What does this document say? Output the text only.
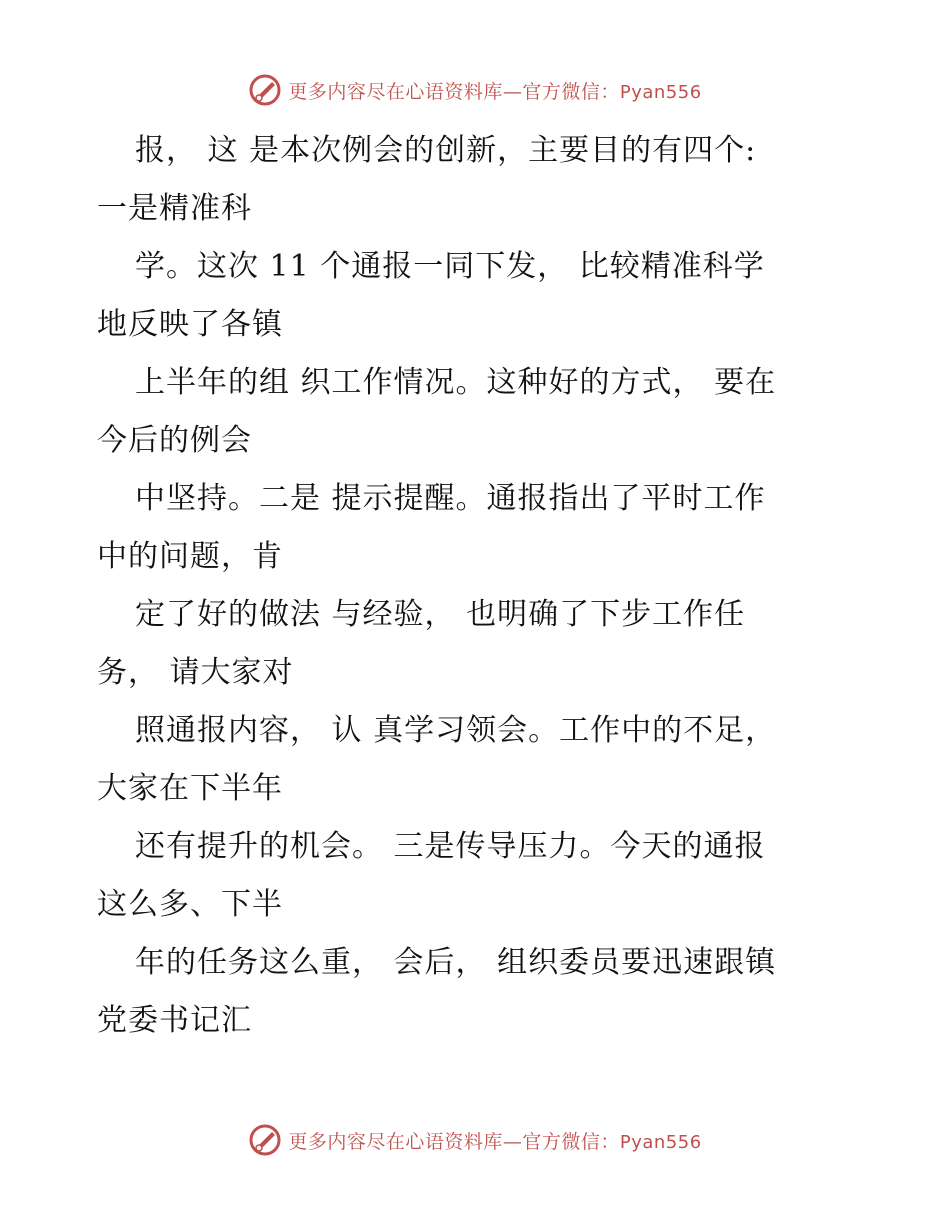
更多内容尽在心语资料库—官方微信：Pyan556
报， 这 是本次例会的创新，主要目的有四个:
一是精准科
学。这次 11 个通报一同下发， 比较精准科学
地反映了各镇
上半年的组 织工作情况。这种好的方式， 要在
今后的例会
中坚持。二是 提示提醒。通报指出了平时工作
中的问题，肯
定了好的做法 与经验， 也明确了下步工作任
务， 请大家对
照通报内容， 认 真学习领会。工作中的不足，
大家在下半年
还有提升的机会。 三是传导压力。今天的通报
这么多、下半
年的任务这么重， 会后， 组织委员要迅速跟镇
党委书记汇
更多内容尽在心语资料库—官方微信：Pyan556
